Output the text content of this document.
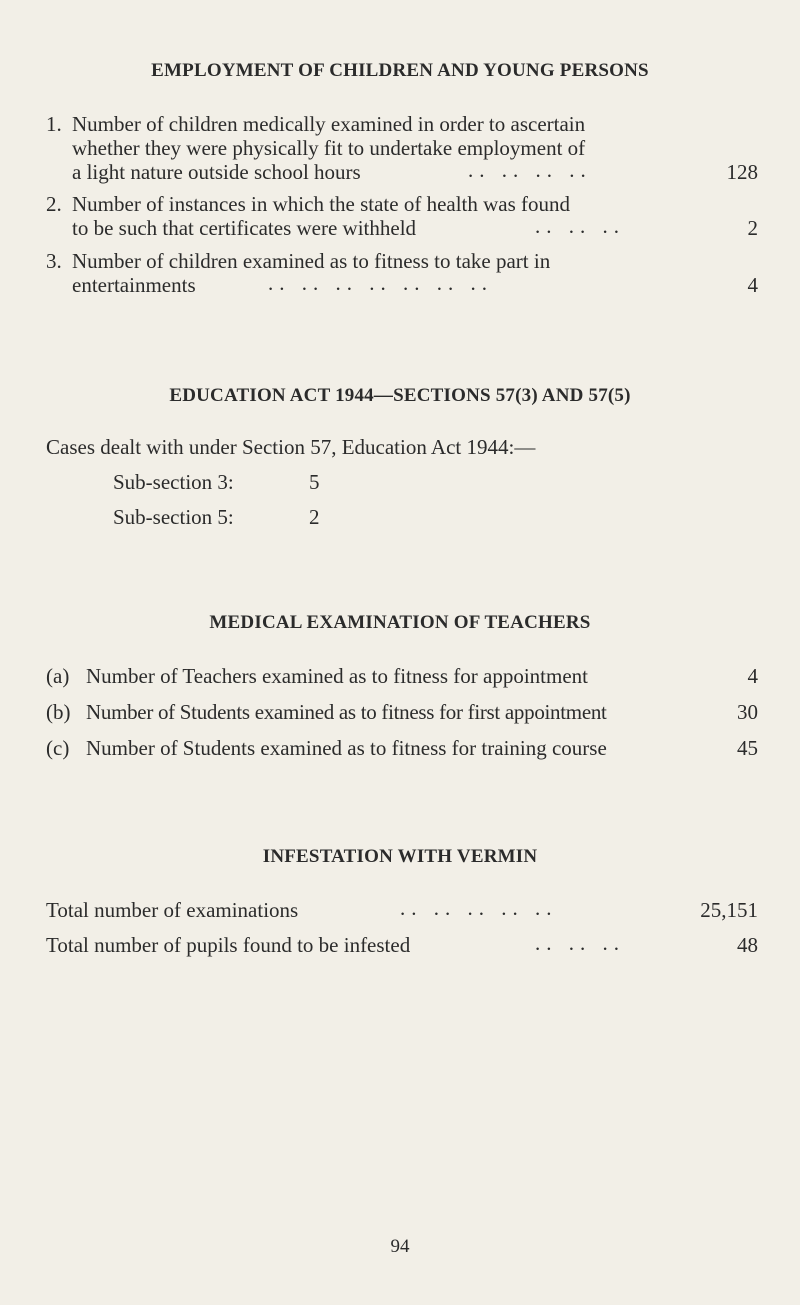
EMPLOYMENT OF CHILDREN AND YOUNG PERSONS
1. Number of children medically examined in order to ascertain
whether they were physically fit to undertake employment of
a light nature outside school hours	.. .. .. ..	128
2. Number of instances in which the state of health was found
to be such that certificates were withheld	.. .. ..	2
3. Number of children examined as to fitness to take part in
entertainments	.. .. .. .. .. .. ..	4
EDUCATION ACT 1944—SECTIONS 57(3) AND 57(5)
Cases dealt with under Section 57, Education Act 1944:—
Sub-section 3:	5
Sub-section 5:	2
MEDICAL EXAMINATION OF TEACHERS
(a) Number of Teachers examined as to fitness for appointment	4
(b) Number of Students examined as to fitness for first appointment	30
(c) Number of Students examined as to fitness for training course	45
INFESTATION WITH VERMIN
Total number of examinations	.. .. .. .. ..	25,151
Total number of pupils found to be infested	.. .. ..	48
94
